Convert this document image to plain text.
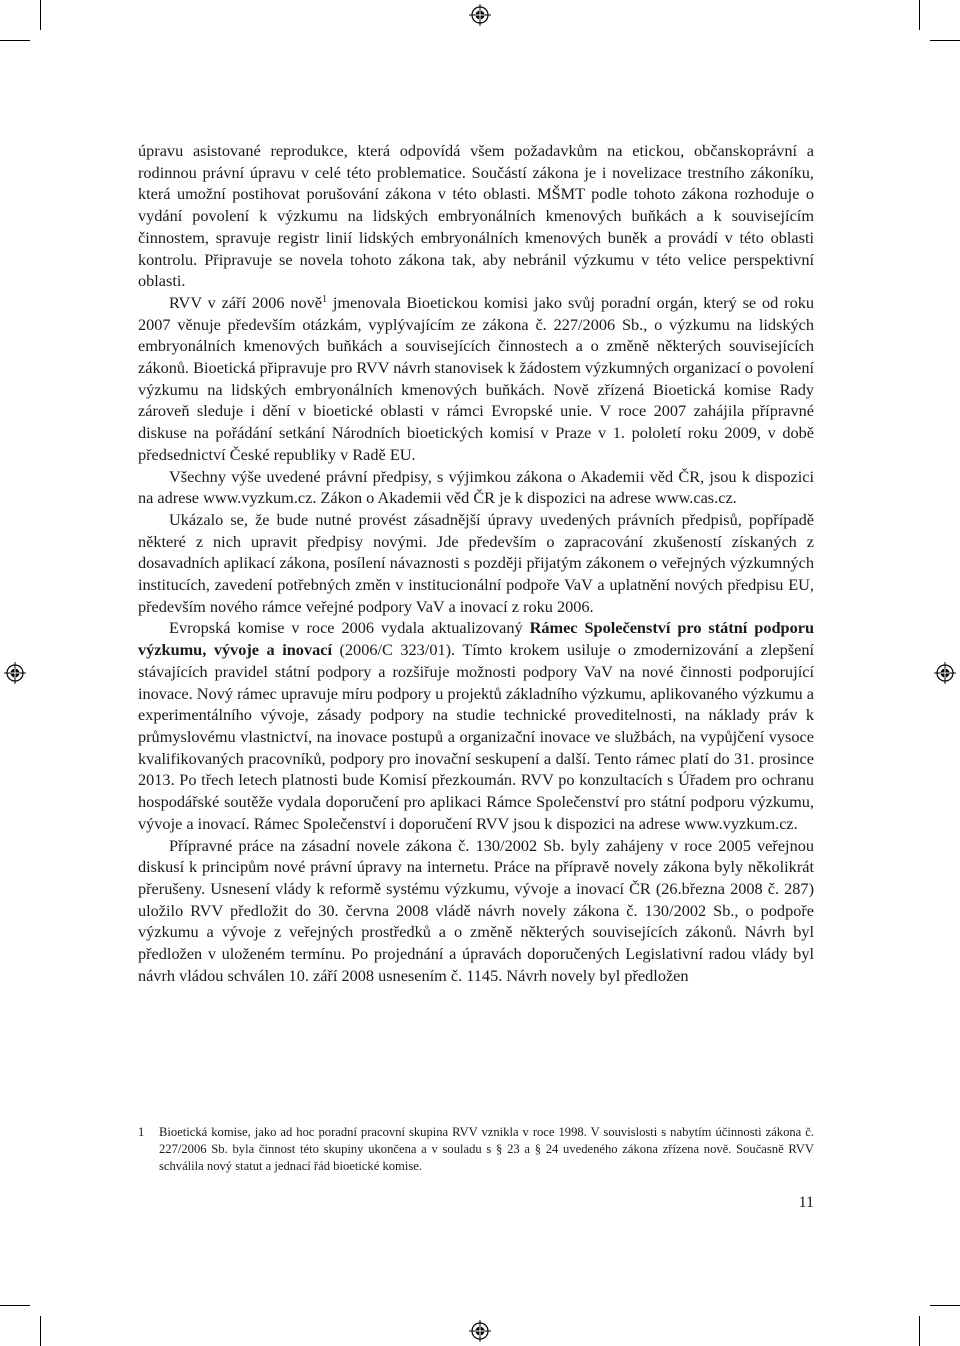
úpravu asistované reprodukce, která odpovídá všem požadavkům na etickou, občanskoprávní a rodinnou právní úpravu v celé této problematice. Součástí zákona je i novelizace trestního zákoníku, která umožní postihovat porušování zákona v této oblasti. MŠMT podle tohoto zákona rozhoduje o vydání povolení k výzkumu na lidských embryonálních kmenových buňkách a k souvisejícím činnostem, spravuje registr linií lidských embryonálních kmenových buněk a provádí v této oblasti kontrolu. Připravuje se novela tohoto zákona tak, aby nebránil výzkumu v této velice perspektivní oblasti.

RVV v září 2006 nově$^1$ jmenovala Bioetickou komisi jako svůj poradní orgán, který se od roku 2007 věnuje především otázkám, vyplývajícím ze zákona č. 227/2006 Sb., o výzkumu na lidských embryonálních kmenových buňkách a souvisejících činnostech a o změně některých souvisejících zákonů. Bioetická připravuje pro RVV návrh stanovisek k žádostem výzkumných organizací o povolení výzkumu na lidských embryonálních kmenových buňkách. Nově zřízená Bioetická komise Rady zároveň sleduje i dění v bioetické oblasti v rámci Evropské unie. V roce 2007 zahájila přípravné diskuse na pořádání setkání Národních bioetických komisí v Praze v 1. pololetí roku 2009, v době předsednictví České republiky v Radě EU.

Všechny výše uvedené právní předpisy, s výjimkou zákona o Akademii věd ČR, jsou k dispozici na adrese www.vyzkum.cz. Zákon o Akademii věd ČR je k dispozici na adrese www.cas.cz.

Ukázalo se, že bude nutné provést zásadnější úpravy uvedených právních předpisů, popřípadě některé z nich upravit předpisy novými. Jde především o zapracování zkušeností získaných z dosavadních aplikací zákona, posílení návaznosti s později přijatým zákonem o veřejných výzkumných institucích, zavedení potřebných změn v institucionální podpoře VaV a uplatnění nových předpisu EU, především nového rámce veřejné podpory VaV a inovací z roku 2006.

Evropská komise v roce 2006 vydala aktualizovaný Rámec Společenství pro státní podporu výzkumu, vývoje a inovací (2006/C 323/01). Tímto krokem usiluje o zmodernizování a zlepšení stávajících pravidel státní podpory a rozšiřuje možnosti podpory VaV na nové činnosti podporující inovace. Nový rámec upravuje míru podpory u projektů základního výzkumu, aplikovaného výzkumu a experimentálního vývoje, zásady podpory na studie technické proveditelnosti, na náklady práv k průmyslovému vlastnictví, na inovace postupů a organizační inovace ve službách, na vypůjčení vysoce kvalifikovaných pracovníků, podpory pro inovační seskupení a další. Tento rámec platí do 31. prosince 2013. Po třech letech platnosti bude Komisí přezkoumán. RVV po konzultacích s Úřadem pro ochranu hospodářské soutěže vydala doporučení pro aplikaci Rámce Společenství pro státní podporu výzkumu, vývoje a inovací. Rámec Společenství i doporučení RVV jsou k dispozici na adrese www.vyzkum.cz.

Přípravné práce na zásadní novele zákona č. 130/2002 Sb. byly zahájeny v roce 2005 veřejnou diskusí k principům nové právní úpravy na internetu. Práce na přípravě novely zákona byly několikrát přerušeny. Usnesení vlády k reformě systému výzkumu, vývoje a inovací ČR (26.března 2008 č. 287) uložilo RVV předložit do 30. června 2008 vládě návrh novely zákona č. 130/2002 Sb., o podpoře výzkumu a vývoje z veřejných prostředků a o změně některých souvisejících zákonů. Návrh byl předložen v uloženém termínu. Po projednání a úpravách doporučených Legislativní radou vlády byl návrh vládou schválen 10. září 2008 usnesením č. 1145. Návrh novely byl předložen

1	Bioetická komise, jako ad hoc poradní pracovní skupina RVV vznikla v roce 1998. V souvislosti s nabytím účinnosti zákona č. 227/2006 Sb. byla činnost této skupiny ukončena a v souladu s § 23 a § 24 uvedeného zákona zřízena nově. Současně RVV schválila nový statut a jednací řád bioetické komise.
11
